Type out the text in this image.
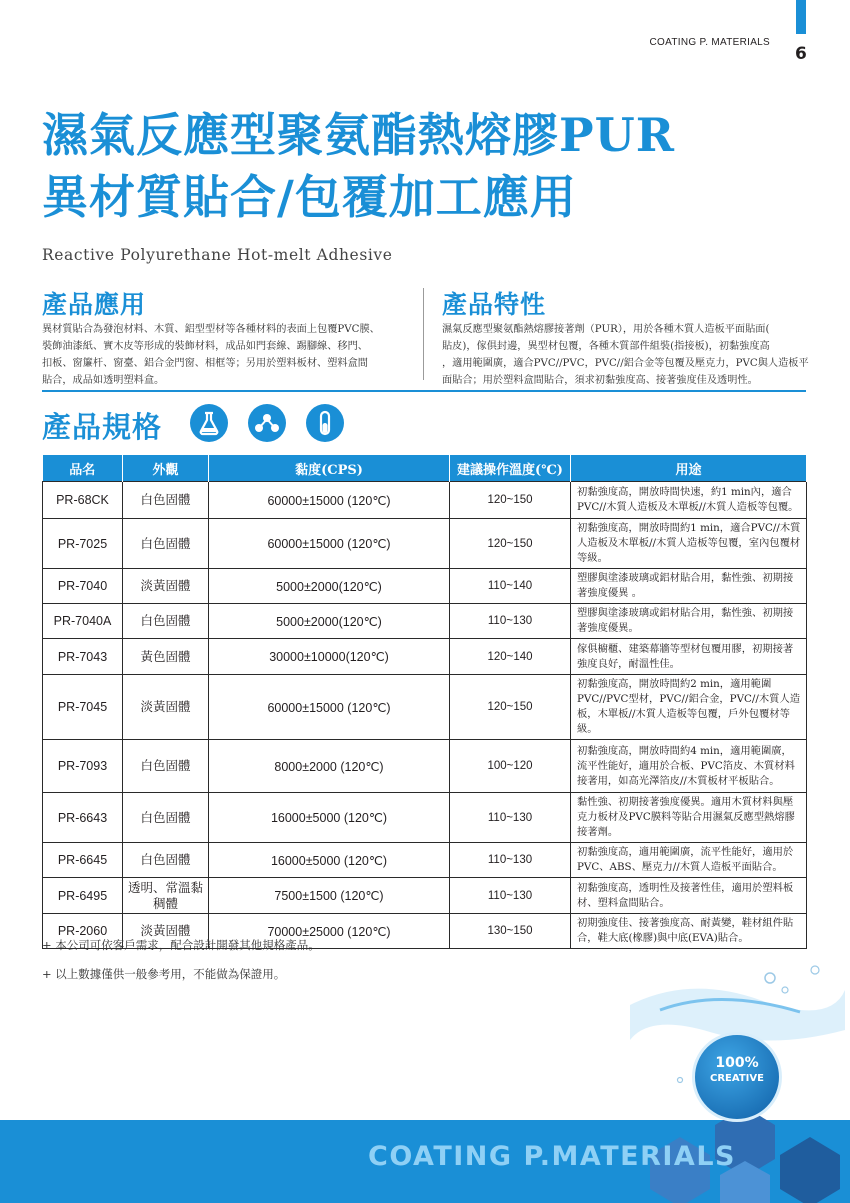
COATING P. MATERIALS
6
濕氣反應型聚氨酯熱熔膠PUR
異材質貼合/包覆加工應用
Reactive Polyurethane Hot-melt Adhesive
產品應用
異材質貼合為發泡材料、木質、鋁型型材等各種材料的表面上包覆PVC膜、
裝飾油漆紙、實木皮等形成的裝飾材料，成品如門套線、踢腳線、移門、
扣板、窗簾杆、窗臺、鋁合金門窗、相框等；另用於塑料板材、塑料盒間
貼合，成品如透明塑料盒。
產品特性
濕氣反應型聚氨酯熱熔膠接著劑（PUR），用於各種木質人造板平面貼面(
貼皮)，傢俱封邊，異型材包覆，各種木質部件組裝(指接板)，初黏強度高
，適用範圍廣，適合PVC//PVC，PVC//鋁合金等包覆及壓克力，PVC與人造板平
面貼合；用於塑料盒間貼合，須求初黏強度高、接著強度佳及透明性。
產品規格
品名	外觀	黏度(CPS)	建議操作溫度(℃)	用途
PR-68CK	白色固體	60000±15000 (120℃)	120~150	初黏強度高，開放時間快速，約1 min內，適合PVC//木質人造板及木單板//木質人造板等包覆。
PR-7025	白色固體	60000±15000 (120℃)	120~150	初黏強度高，開放時間約1 min，適合PVC//木質人造板及木單板//木質人造板等包覆，室內包覆材等級。
PR-7040	淡黃固體	5000±2000(120℃)	110~140	塑膠與塗漆玻璃或鋁材貼合用，黏性強、初期接著強度優異 。
PR-7040A	白色固體	5000±2000(120℃)	110~130	塑膠與塗漆玻璃或鋁材貼合用，黏性強、初期接著強度優異。
PR-7043	黃色固體	30000±10000(120℃)	120~140	傢俱櫥櫃、建築幕牆等型材包覆用膠，初期接著強度良好，耐溫性佳。
PR-7045	淡黃固體	60000±15000 (120℃)	120~150	初黏強度高，開放時間約2 min，適用範圍PVC//PVC型材，PVC//鋁合金，PVC//木質人造板，木單板//木質人造板等包覆，戶外包覆材等級。
PR-7093	白色固體	8000±2000 (120℃)	100~120	初黏強度高，開放時間約4 min，適用範圍廣，流平性能好，適用於合板、PVC箔皮、木質材料接著用，如高光澤箔皮//木質板材平板貼合。
PR-6643	白色固體	16000±5000 (120℃)	110~130	黏性強、初期接著強度優異。適用木質材料與壓克力板材及PVC膜料等貼合用濕氣反應型熱熔膠接著劑。
PR-6645	白色固體	16000±5000 (120℃)	110~130	初黏強度高，適用範圍廣，流平性能好，適用於PVC、ABS、壓克力//木質人造板平面貼合。
PR-6495	透明、常溫黏稠體	7500±1500 (120℃)	110~130	初黏強度高，透明性及接著性佳，適用於塑料板材、塑料盒間貼合。
PR-2060	淡黃固體	70000±25000 (120℃)	130~150	初期強度佳、接著強度高、耐黃變，鞋材組件貼合，鞋大底(橡膠)與中底(EVA)貼合。
+ 本公司可依客戶需求，配合設計開發其他規格產品。
+ 以上數據僅供一般參考用，不能做為保證用。
COATING P.MATERIALS
100%
CREATIVE
